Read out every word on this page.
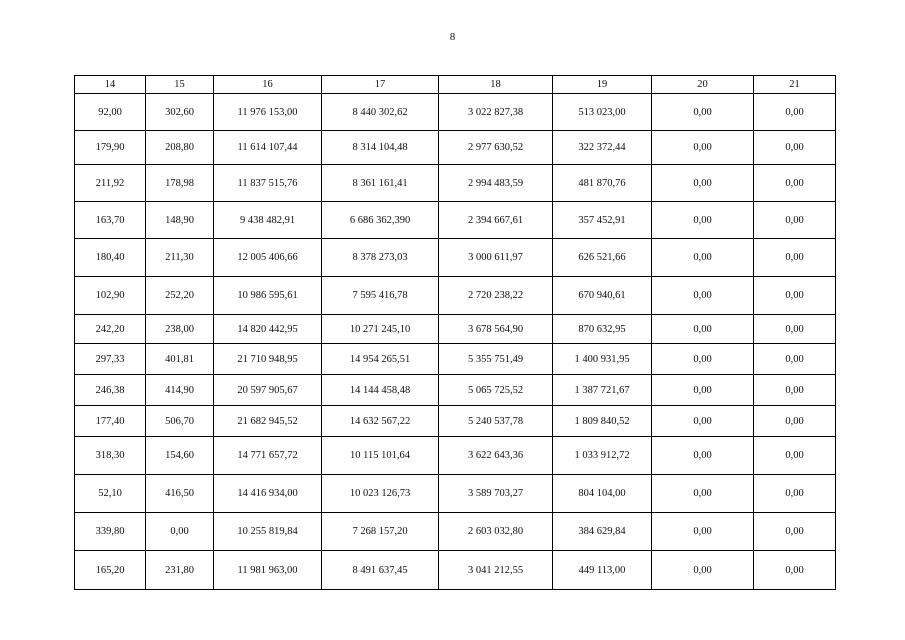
8
14	15	16	17	18	19	20	21
92,00	302,60	11 976 153,00	8 440 302,62	3 022 827,38	513 023,00	0,00	0,00
179,90	208,80	11 614 107,44	8 314 104,48	2 977 630,52	322 372,44	0,00	0,00
211,92	178,98	11 837 515,76	8 361 161,41	2 994 483,59	481 870,76	0,00	0,00
163,70	148,90	9 438 482,91	6 686 362,390	2 394 667,61	357 452,91	0,00	0,00
180,40	211,30	12 005 406,66	8 378 273,03	3 000 611,97	626 521,66	0,00	0,00
102,90	252,20	10 986 595,61	7 595 416,78	2 720 238,22	670 940,61	0,00	0,00
242,20	238,00	14 820 442,95	10 271 245,10	3 678 564,90	870 632,95	0,00	0,00
297,33	401,81	21 710 948,95	14 954 265,51	5 355 751,49	1 400 931,95	0,00	0,00
246,38	414,90	20 597 905,67	14 144 458,48	5 065 725,52	1 387 721,67	0,00	0,00
177,40	506,70	21 682 945,52	14 632 567,22	5 240 537,78	1 809 840,52	0,00	0,00
318,30	154,60	14 771 657,72	10 115 101,64	3 622 643,36	1 033 912,72	0,00	0,00
52,10	416,50	14 416 934,00	10 023 126,73	3 589 703,27	804 104,00	0,00	0,00
339,80	0,00	10 255 819,84	7 268 157,20	2 603 032,80	384 629,84	0,00	0,00
165,20	231,80	11 981 963,00	8 491 637,45	3 041 212,55	449 113,00	0,00	0,00
